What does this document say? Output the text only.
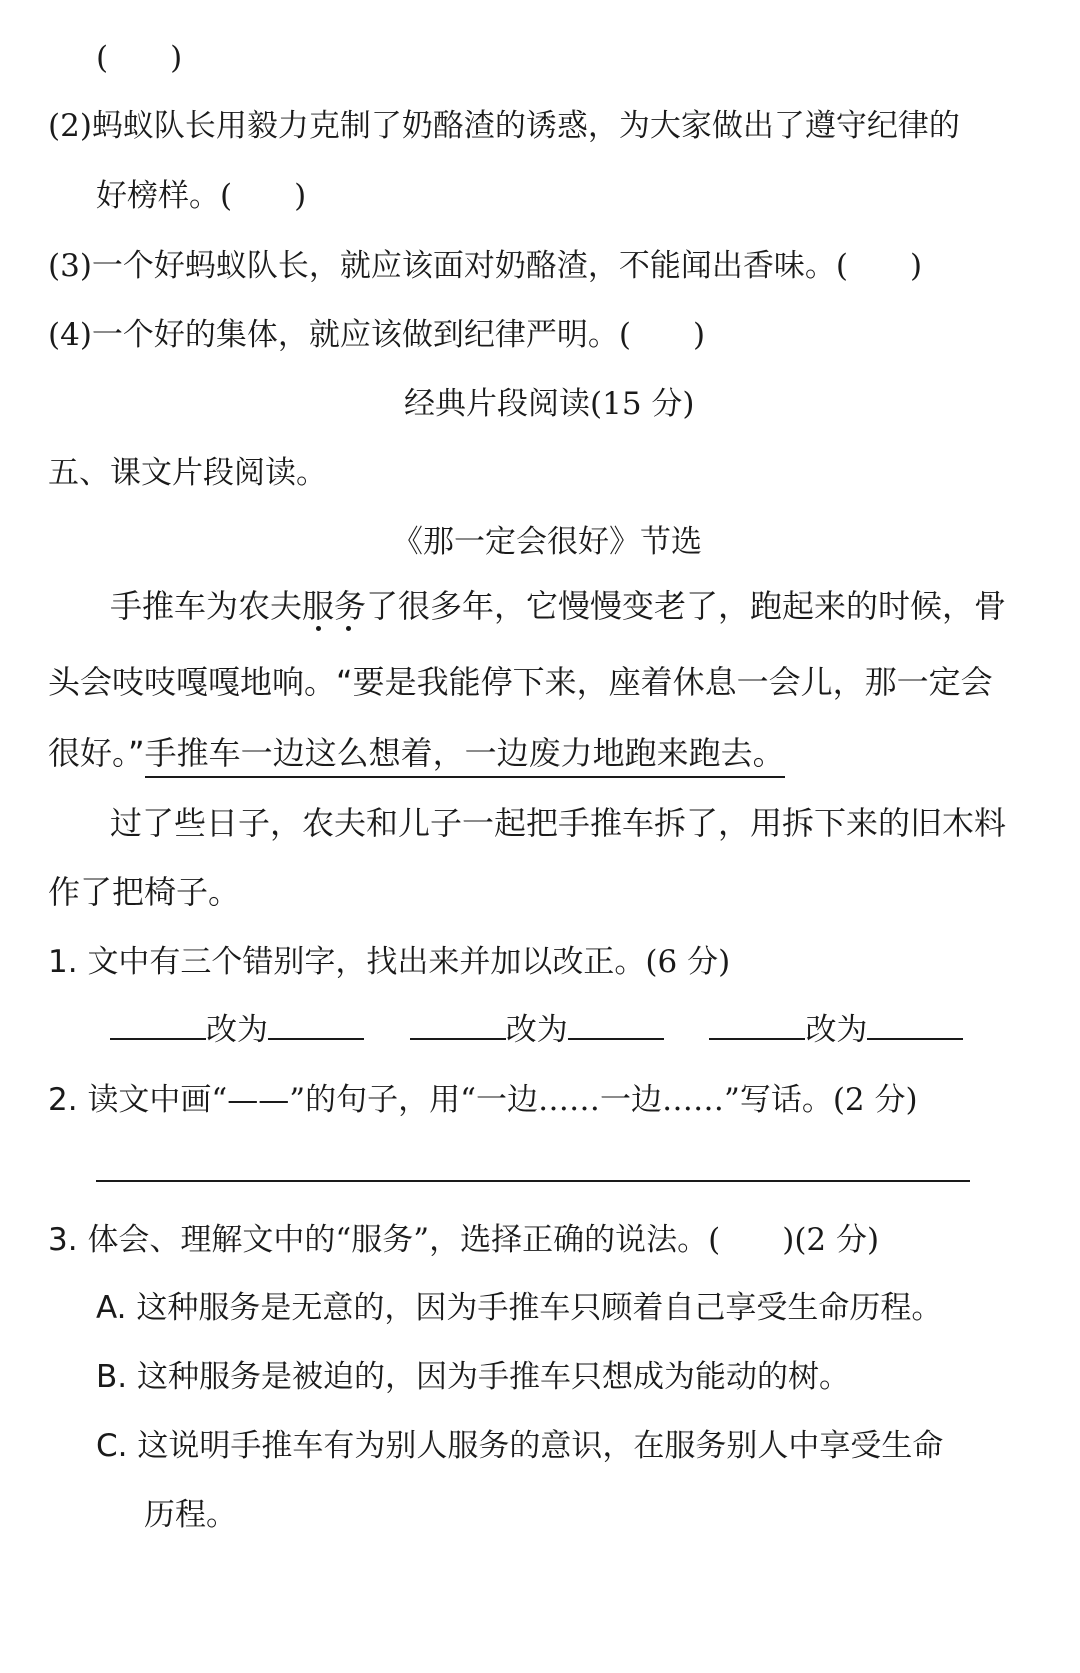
(　　)
(2)蚂蚁队长用毅力克制了奶酪渣的诱惑，为大家做出了遵守纪律的
好榜样。(　　)
(3)一个好蚂蚁队长，就应该面对奶酪渣，不能闻出香味。(　　)
(4)一个好的集体，就应该做到纪律严明。(　　)
经典片段阅读(15 分)
五、课文片段阅读。
《那一定会很好》节选
手推车为农夫服务了很多年，它慢慢变老了，跑起来的时候，骨
头会吱吱嘎嘎地响。“要是我能停下来，座着休息一会儿，那一定会
很好。”手推车一边这么想着，一边废力地跑来跑去。
过了些日子，农夫和儿子一起把手推车拆了，用拆下来的旧木料
作了把椅子。
1. 文中有三个错别字，找出来并加以改正。(6 分)
改为	改为	改为
2. 读文中画“——”的句子，用“一边……一边……”写话。(2 分)
3. 体会、理解文中的“服务”，选择正确的说法。(　　)(2 分)
A. 这种服务是无意的，因为手推车只顾着自己享受生命历程。
B. 这种服务是被迫的，因为手推车只想成为能动的树。
C. 这说明手推车有为别人服务的意识，在服务别人中享受生命
历程。
